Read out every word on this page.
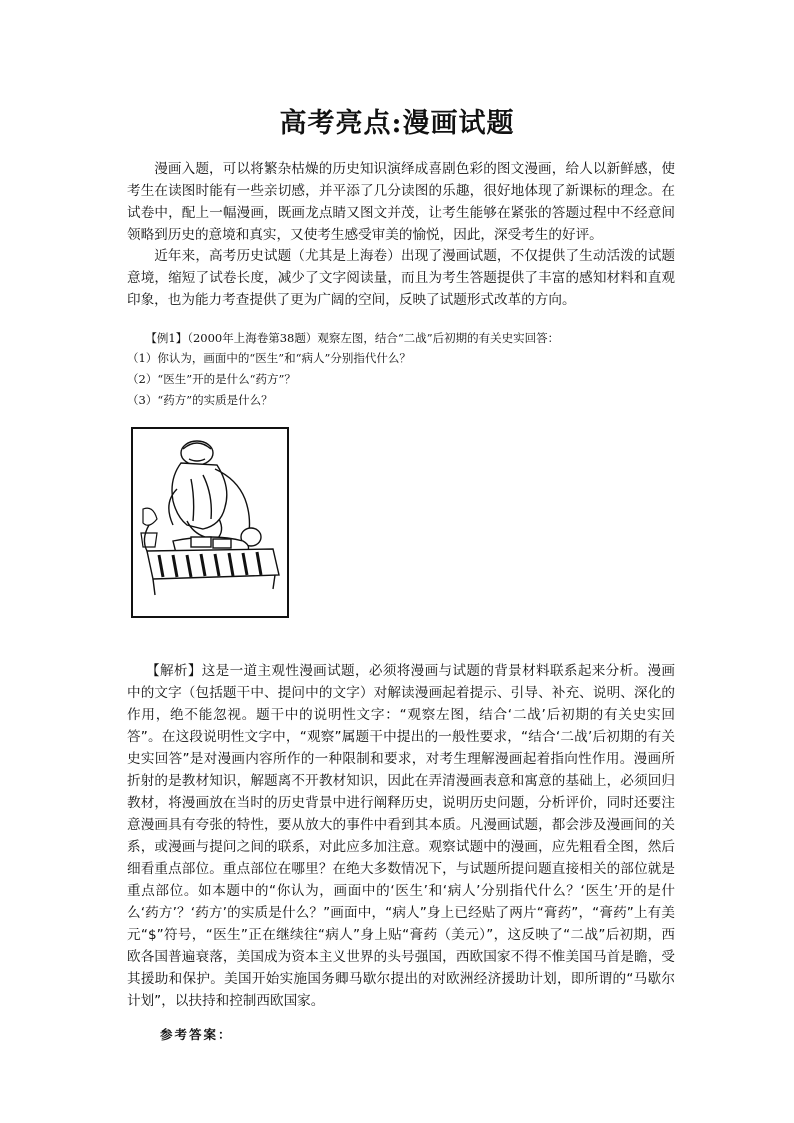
高考亮点:漫画试题

漫画入题，可以将繁杂枯燥的历史知识演绎成喜剧色彩的图文漫画，给人以新鲜感，使考生在读图时能有一些亲切感，并平添了几分读图的乐趣，很好地体现了新课标的理念。在试卷中，配上一幅漫画，既画龙点睛又图文并茂，让考生能够在紧张的答题过程中不经意间领略到历史的意境和真实，又使考生感受审美的愉悦，因此，深受考生的好评。

近年来，高考历史试题（尤其是上海卷）出现了漫画试题，不仅提供了生动活泼的试题意境，缩短了试卷长度，减少了文字阅读量，而且为考生答题提供了丰富的感知材料和直观印象，也为能力考查提供了更为广阔的空间，反映了试题形式改革的方向。

【例1】（2000年上海卷第38题）观察左图，结合“二战”后初期的有关史实回答：

（1）你认为，画面中的“医生”和“病人”分别指代什么？

（2）“医生”开的是什么“药方”？

（3）“药方”的实质是什么？

【解析】这是一道主观性漫画试题，必须将漫画与试题的背景材料联系起来分析。漫画中的文字（包括题干中、提问中的文字）对解读漫画起着提示、引导、补充、说明、深化的作用，绝不能忽视。题干中的说明性文字：“观察左图，结合‘二战’后初期的有关史实回答”。在这段说明性文字中，“观察”属题干中提出的一般性要求，“结合‘二战’后初期的有关史实回答”是对漫画内容所作的一种限制和要求，对考生理解漫画起着指向性作用。漫画所折射的是教材知识，解题离不开教材知识，因此在弄清漫画表意和寓意的基础上，必须回归教材，将漫画放在当时的历史背景中进行阐释历史，说明历史问题，分析评价，同时还要注意漫画具有夸张的特性，要从放大的事件中看到其本质。凡漫画试题，都会涉及漫画间的关系，或漫画与提问之间的联系，对此应多加注意。观察试题中的漫画，应先粗看全图，然后细看重点部位。重点部位在哪里？在绝大多数情况下，与试题所提问题直接相关的部位就是重点部位。如本题中的“你认为，画面中的‘医生’和‘病人’分别指代什么？‘医生’开的是什么‘药方’？‘药方’的实质是什么？”画面中，“病人”身上已经贴了两片“膏药”，“膏药”上有美元“$”符号，“医生”正在继续往“病人”身上贴“膏药（美元）”，这反映了“二战”后初期，西欧各国普遍衰落，美国成为资本主义世界的头号强国，西欧国家不得不惟美国马首是瞻，受其援助和保护。美国开始实施国务卿马歇尔提出的对欧洲经济援助计划，即所谓的“马歇尔计划”，以扶持和控制西欧国家。

参考答案：
